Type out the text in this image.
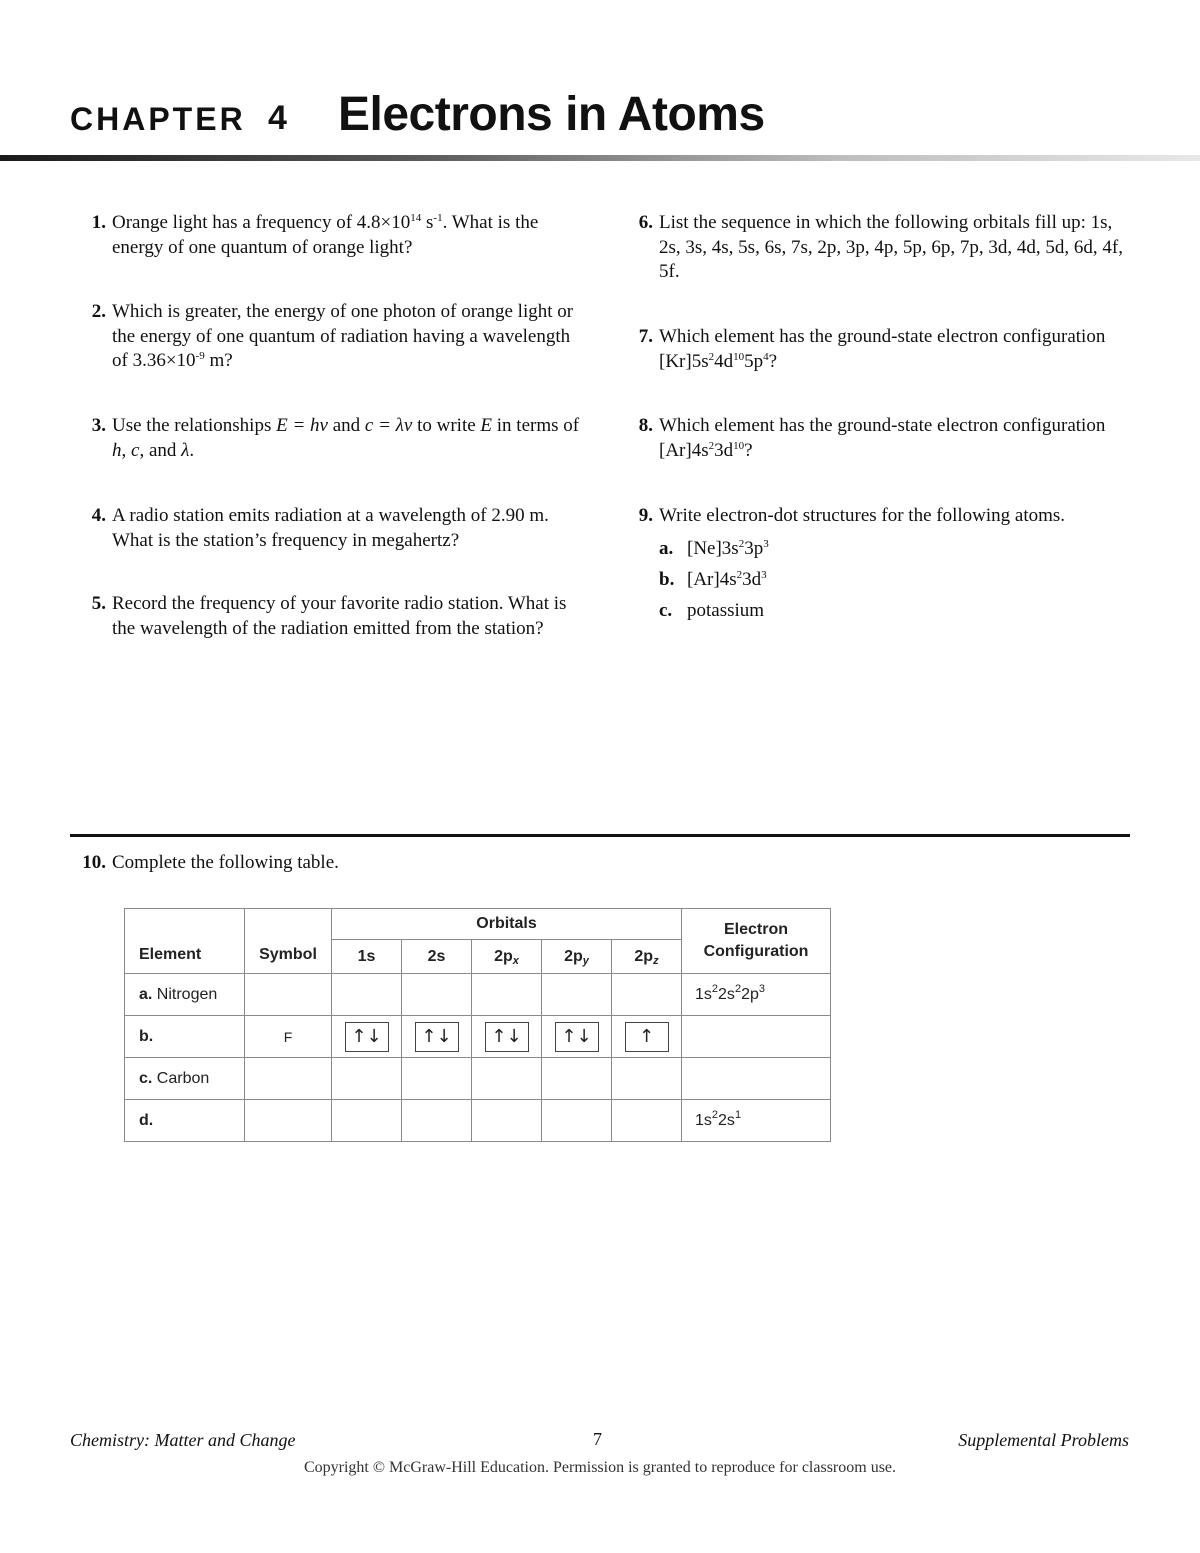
CHAPTER 4 Electrons in Atoms
1. Orange light has a frequency of $4.8\times 10^{14}$ $s^{-1}$. What is the energy of one quantum of orange light?
2. Which is greater, the energy of one photon of orange light or the energy of one quantum of radiation having a wavelength of $3.36\times 10^{-9}$ m?
3. Use the relationships E = hν and c = λν to write E in terms of h, c, and λ.
4. A radio station emits radiation at a wavelength of 2.90 m. What is the station’s frequency in megahertz?
5. Record the frequency of your favorite radio station. What is the wavelength of the radiation emitted from the station?
6. List the sequence in which the following orbitals fill up: 1s, 2s, 3s, 4s, 5s, 6s, 7s, 2p, 3p, 4p, 5p, 6p, 7p, 3d, 4d, 5d, 6d, 4f, 5f.
7. Which element has the ground-state electron configuration $[Kr]5s^24d^{10}5p^4$?
8. Which element has the ground-state electron configuration $[Ar]4s^23d^{10}$?
9. Write electron-dot structures for the following atoms.
a. $[Ne]3s^23p^3$
b. $[Ar]4s^23d^3$
c. potassium
10. Complete the following table.
Element	Symbol	Orbitals					Electron
Configuration
		1s	2s	$2p_x$	$2p_y$	$2p_z$
a. Nitrogen							$1s^22s^22p^3$
b.	F	↑↓	↑↓	↑↓	↑↓	↑	
c. Carbon							
d.							$1s^22s^1$
Chemistry: Matter and Change	7	Supplemental Problems
Copyright © McGraw-Hill Education. Permission is granted to reproduce for classroom use.
